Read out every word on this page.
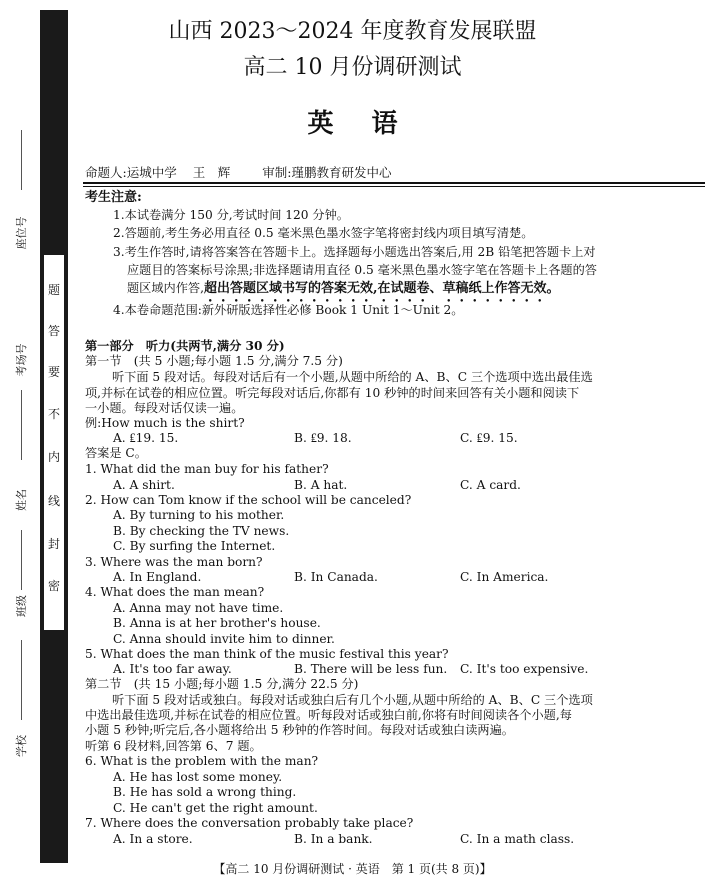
题
答
要
不
内
线
封
密
座位号
考场号
姓名
班级
学校
山西 2023～2024 年度教育发展联盟
高二 10 月份调研测试
英语
命题人:运城中学 王　辉	审制:瑾鹏教育研发中心
考生注意:
1.本试卷满分 150 分,考试时间 120 分钟。
2.答题前,考生务必用直径 0.5 毫米黑色墨水签字笔将密封线内项目填写清楚。
3.考生作答时,请将答案答在答题卡上。选择题每小题选出答案后,用 2B 铅笔把答题卡上对
应题目的答案标号涂黑;非选择题请用直径 0.5 毫米黑色墨水签字笔在答题卡上各题的答
题区域内作答,超出答题区域书写的答案无效,在试题卷、草稿纸上作答无效。
4.本卷命题范围:新外研版选择性必修 Book 1 Unit 1～Unit 2。
第一部分　听力(共两节,满分 30 分)
第一节　(共 5 小题;每小题 1.5 分,满分 7.5 分)
听下面 5 段对话。每段对话后有一个小题,从题中所给的 A、B、C 三个选项中选出最佳选
项,并标在试卷的相应位置。听完每段对话后,你都有 10 秒钟的时间来回答有关小题和阅读下
一小题。每段对话仅读一遍。
例:How much is the shirt?
A. ₤19. 15.	B. ₤9. 18.	C. ₤9. 15.
答案是 C。
1. What did the man buy for his father?
A. A shirt.	B. A hat.	C. A card.
2. How can Tom know if the school will be canceled?
A. By turning to his mother.
B. By checking the TV news.
C. By surfing the Internet.
3. Where was the man born?
A. In England.	B. In Canada.	C. In America.
4. What does the man mean?
A. Anna may not have time.
B. Anna is at her brother's house.
C. Anna should invite him to dinner.
5. What does the man think of the music festival this year?
A. It's too far away.	B. There will be less fun. C. It's too expensive.
第二节　(共 15 小题;每小题 1.5 分,满分 22.5 分)
听下面 5 段对话或独白。每段对话或独白后有几个小题,从题中所给的 A、B、C 三个选项
中选出最佳选项,并标在试卷的相应位置。听每段对话或独白前,你将有时间阅读各个小题,每
小题 5 秒钟;听完后,各小题将给出 5 秒钟的作答时间。每段对话或独白读两遍。
听第 6 段材料,回答第 6、7 题。
6. What is the problem with the man?
A. He has lost some money.
B. He has sold a wrong thing.
C. He can't get the right amount.
7. Where does the conversation probably take place?
A. In a store.	B. In a bank.	C. In a math class.
【高二 10 月份调研测试 · 英语　第 1 页(共 8 页)】
